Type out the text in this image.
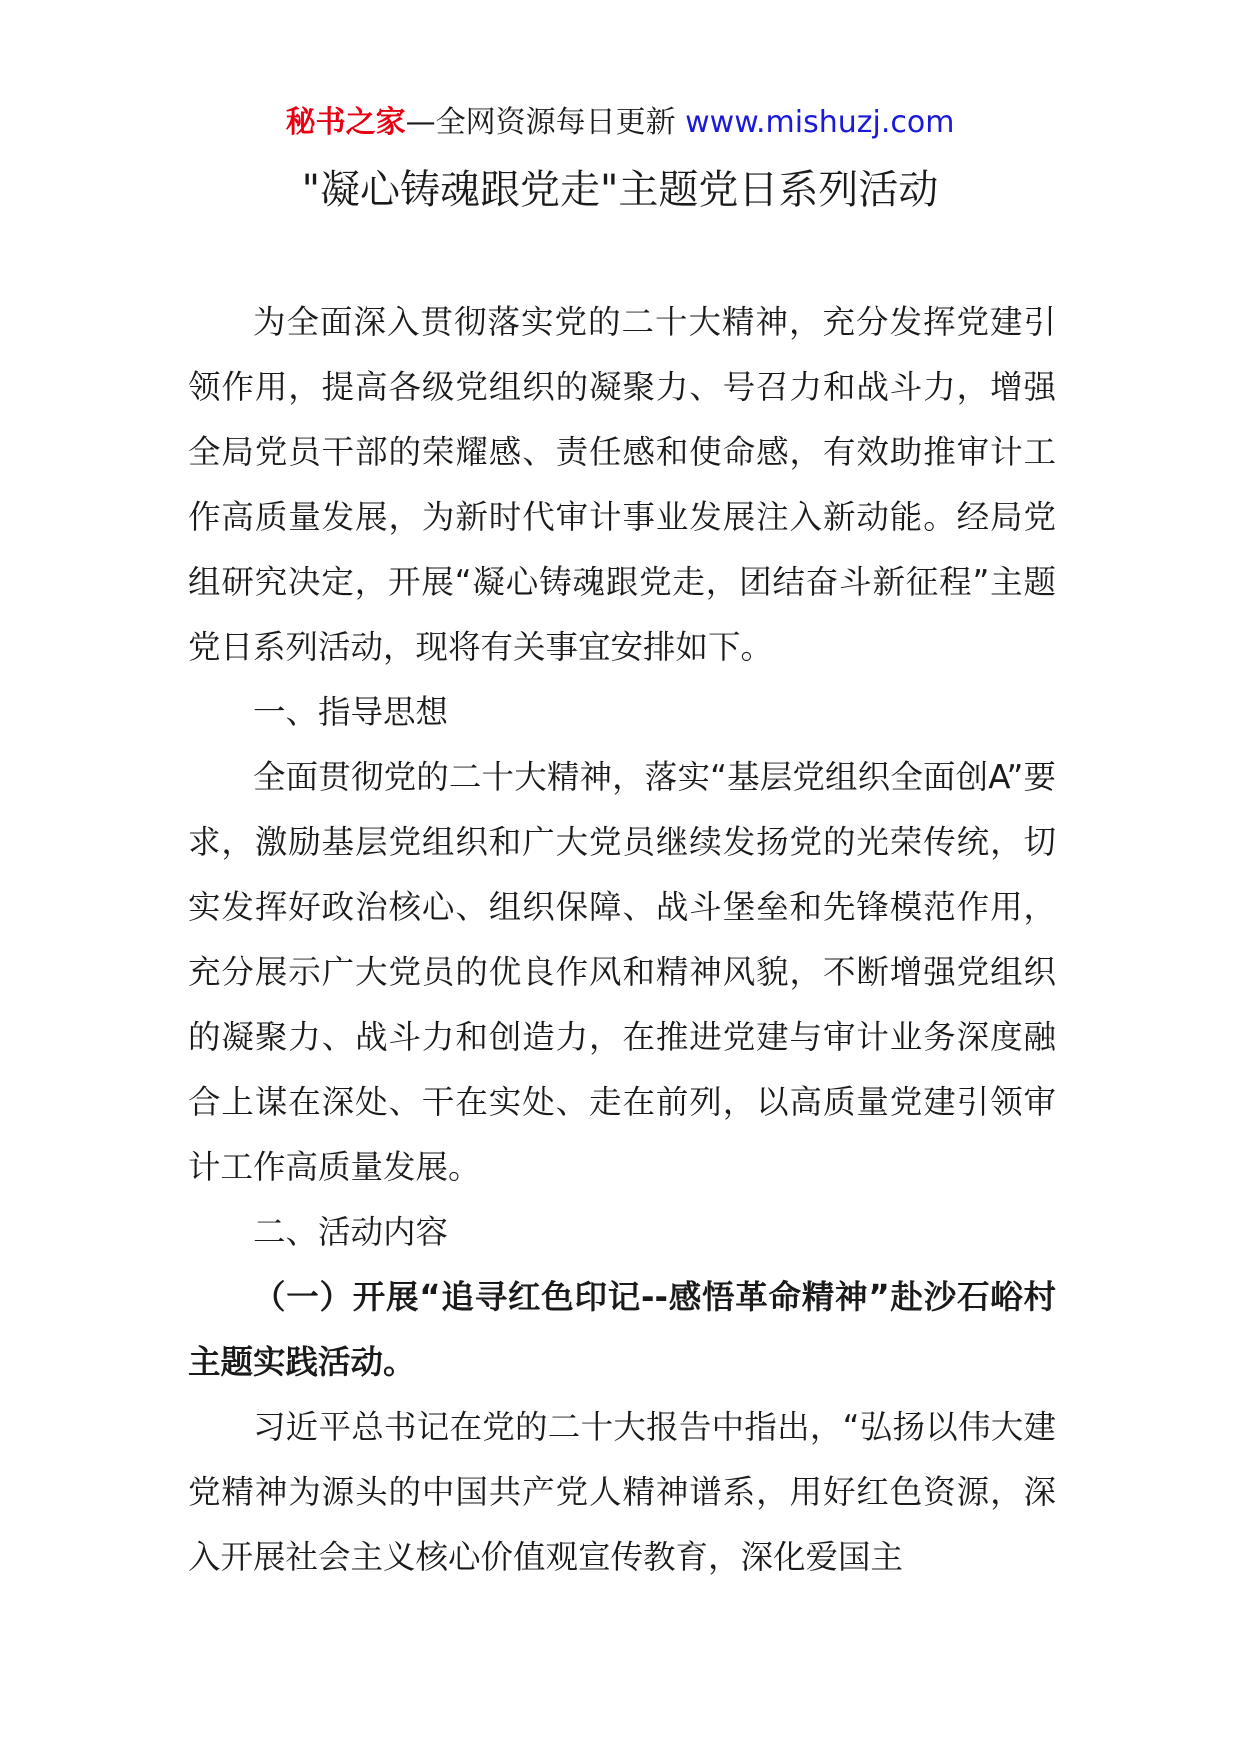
秘书之家—全网资源每日更新 www.mishuzj.com
"凝心铸魂跟党走"主题党日系列活动

为全面深入贯彻落实党的二十大精神，充分发挥党建引领作用，提高各级党组织的凝聚力、号召力和战斗力，增强全局党员干部的荣耀感、责任感和使命感，有效助推审计工作高质量发展，为新时代审计事业发展注入新动能。经局党组研究决定，开展“凝心铸魂跟党走，团结奋斗新征程”主题党日系列活动，现将有关事宜安排如下。

一、指导思想

全面贯彻党的二十大精神，落实“基层党组织全面创A”要求，激励基层党组织和广大党员继续发扬党的光荣传统，切实发挥好政治核心、组织保障、战斗堡垒和先锋模范作用，充分展示广大党员的优良作风和精神风貌，不断增强党组织的凝聚力、战斗力和创造力，在推进党建与审计业务深度融合上谋在深处、干在实处、走在前列，以高质量党建引领审计工作高质量发展。

二、活动内容

（一）开展“追寻红色印记--感悟革命精神”赴沙石峪村主题实践活动。

习近平总书记在党的二十大报告中指出，“弘扬以伟大建党精神为源头的中国共产党人精神谱系，用好红色资源，深入开展社会主义核心价值观宣传教育，深化爱国主
